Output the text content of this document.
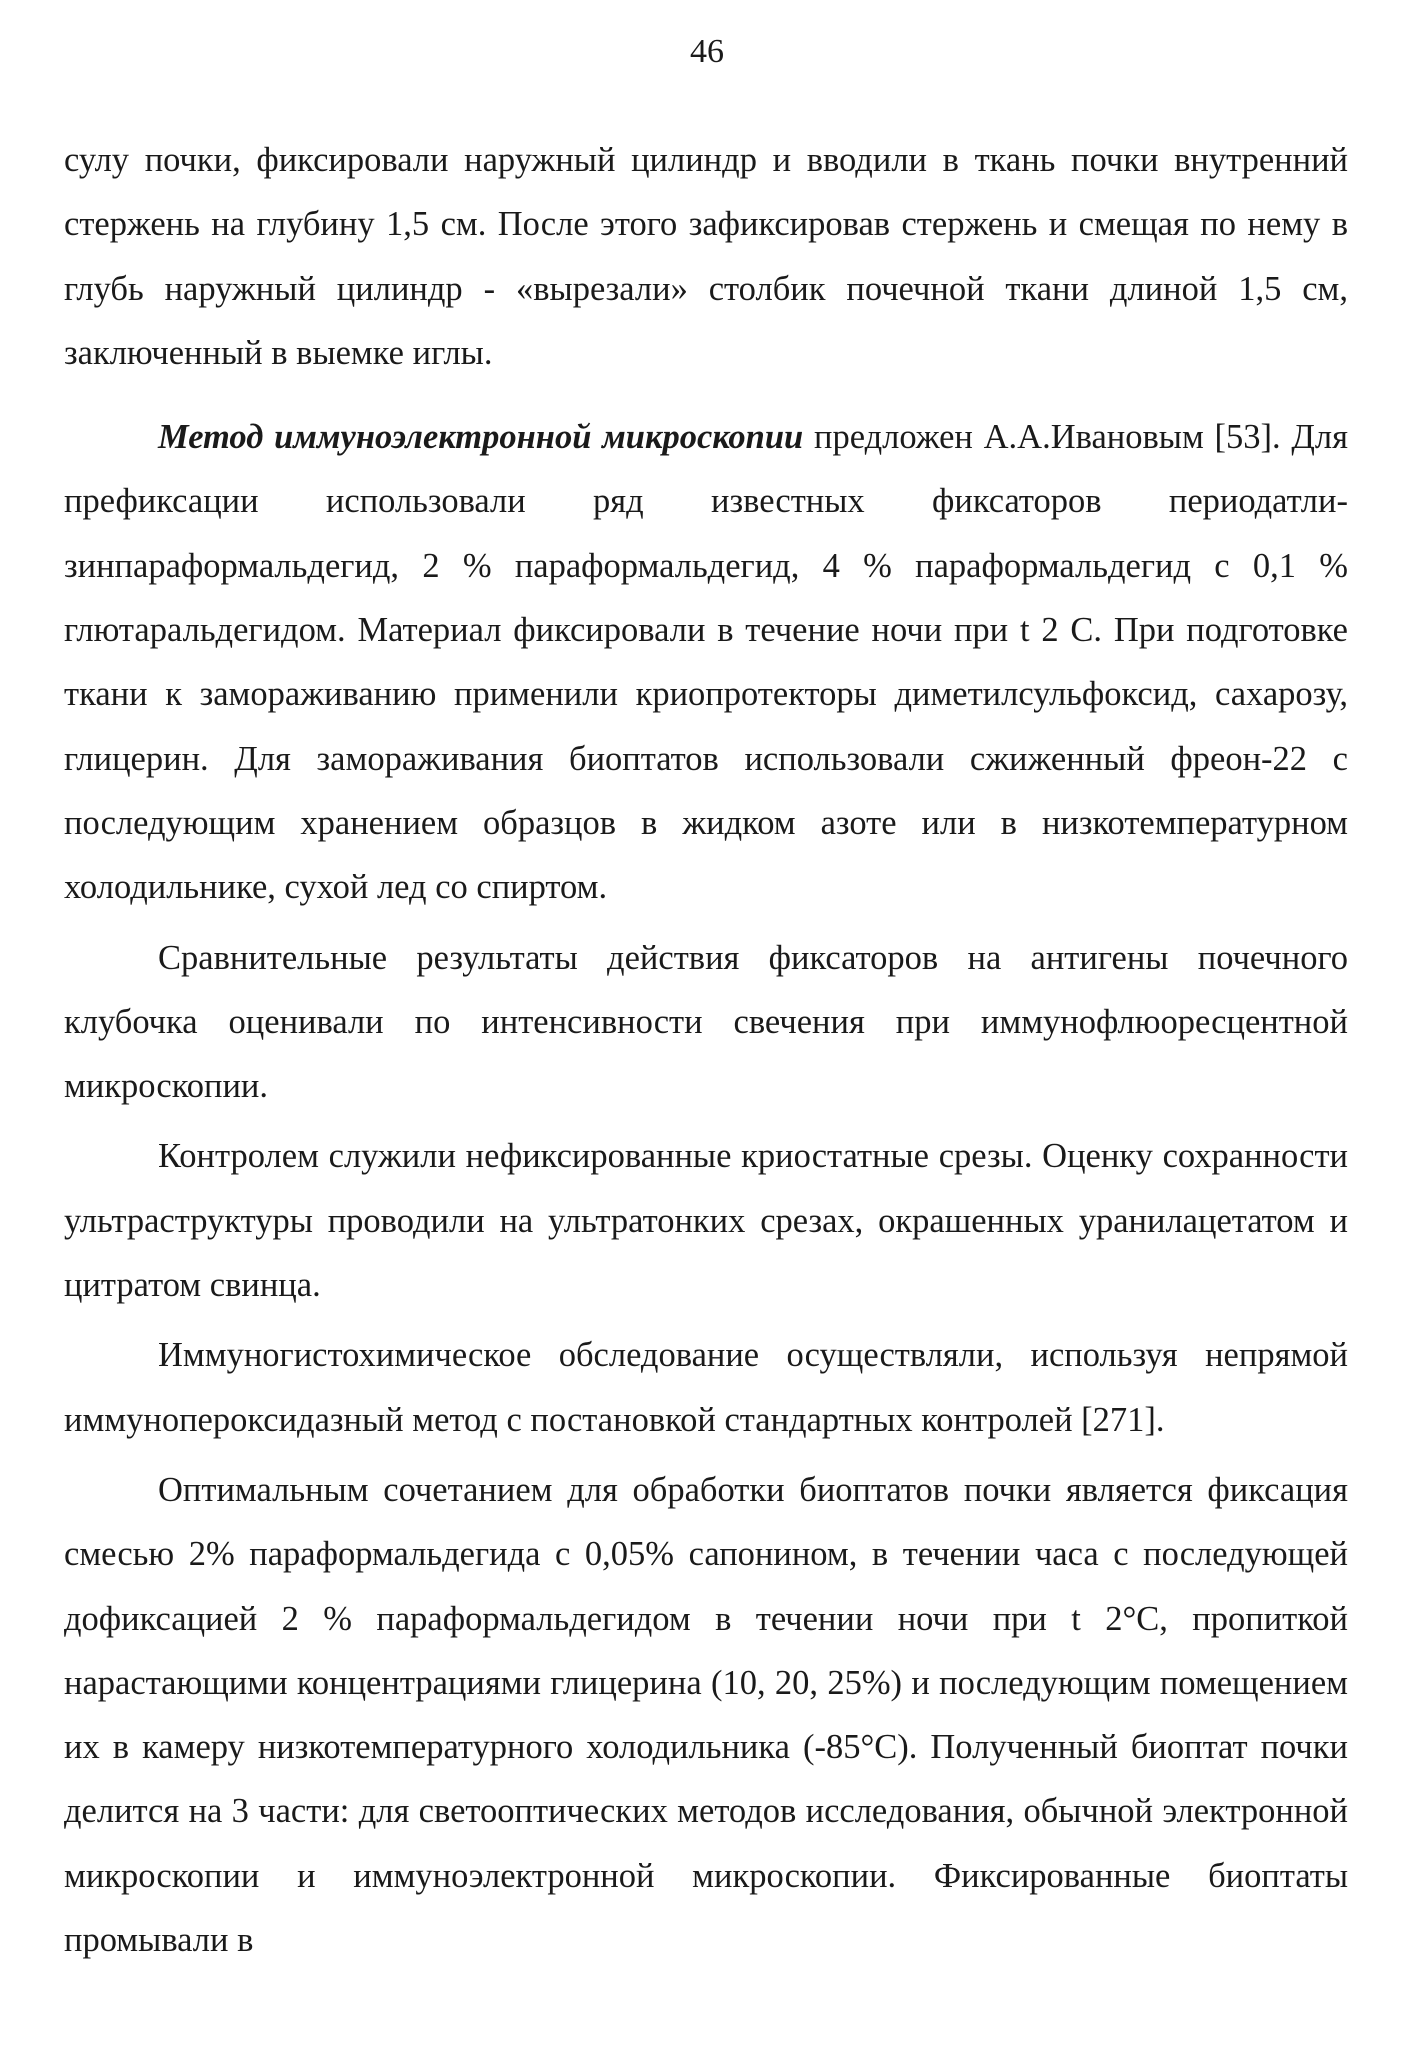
46

сулу почки, фиксировали наружный цилиндр и вводили в ткань почки внутренний стержень на глубину 1,5 см. После этого зафиксировав стержень и смещая по нему в глубь наружный цилиндр - «вырезали» столбик почечной ткани длиной 1,5 см, заключенный в выемке иглы.

Метод иммуноэлектронной микроскопии предложен А.А.Ивановым [53]. Для префиксации использовали ряд известных фиксаторов периодатлизинпараформальдегид, 2 % параформальдегид, 4 % параформальдегид с 0,1 % глютаральдегидом. Материал фиксировали в течение ночи при t 2 С. При подготовке ткани к замораживанию применили криопротекторы диметилсульфоксид, сахарозу, глицерин. Для замораживания биоптатов использовали сжиженный фреон-22 с последующим хранением образцов в жидком азоте или в низкотемпературном холодильнике, сухой лед со спиртом.

Сравнительные результаты действия фиксаторов на антигены почечного клубочка оценивали по интенсивности свечения при иммунофлюоресцентной микроскопии.

Контролем служили нефиксированные криостатные срезы. Оценку сохранности ультраструктуры проводили на ультратонких срезах, окрашенных уранилацетатом и цитратом свинца.

Иммуногистохимическое обследование осуществляли, используя непрямой иммунопероксидазный метод с постановкой стандартных контролей [271].

Оптимальным сочетанием для обработки биоптатов почки является фиксация смесью 2% параформальдегида с 0,05% сапонином, в течении часа с последующей дофиксацией 2 % параформальдегидом в течении ночи при t 2°С, пропиткой нарастающими концентрациями глицерина (10, 20, 25%) и последующим помещением их в камеру низкотемпературного холодильника (-85°С). Полученный биоптат почки делится на 3 части: для светооптических методов исследования, обычной электронной микроскопии и иммуноэлектронной микроскопии. Фиксированные биоптаты промывали в
